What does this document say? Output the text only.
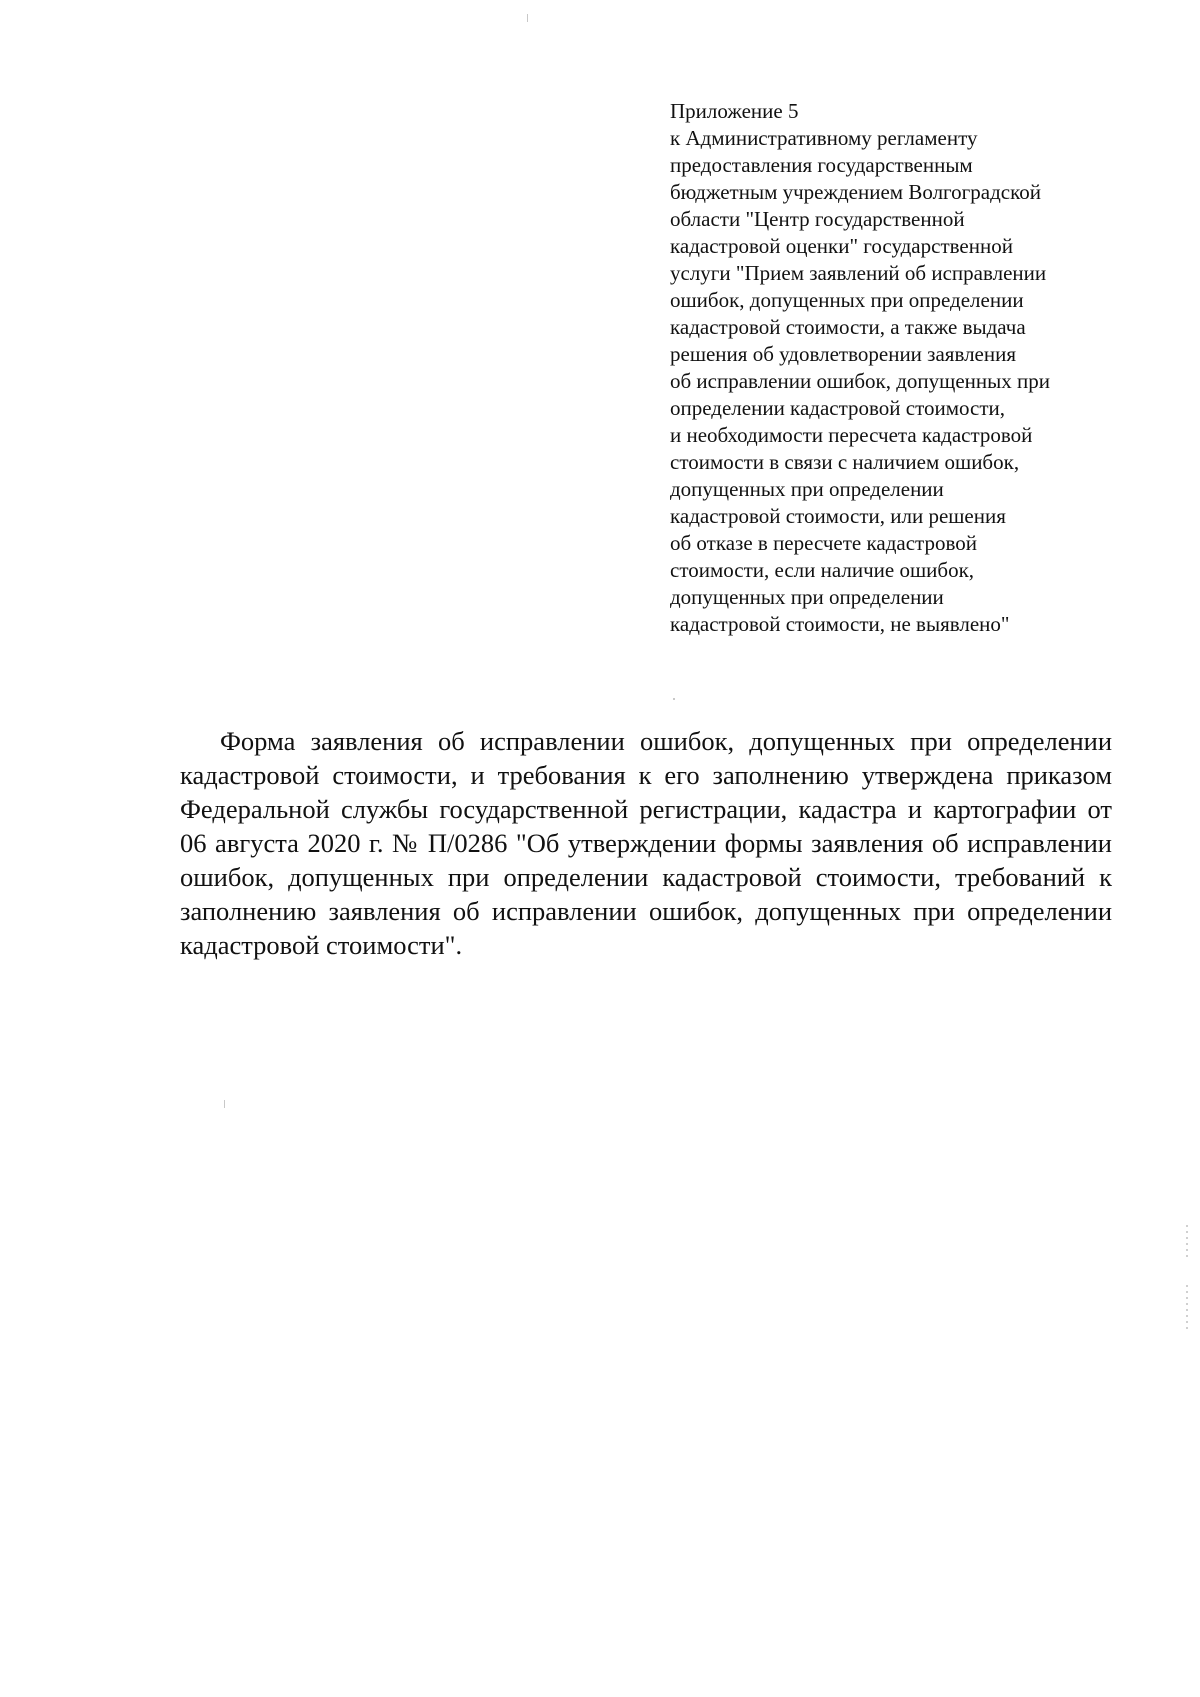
Приложение 5
к Административному регламенту
предоставления государственным
бюджетным учреждением Волгоградской
области "Центр государственной
кадастровой оценки" государственной
услуги "Прием заявлений об исправлении
ошибок, допущенных при определении
кадастровой стоимости, а также выдача
решения об удовлетворении заявления
об исправлении ошибок, допущенных при
определении кадастровой стоимости,
и необходимости пересчета кадастровой
стоимости в связи с наличием ошибок,
допущенных при определении
кадастровой стоимости, или решения
об отказе в пересчете кадастровой
стоимости, если наличие ошибок,
допущенных при определении
кадастровой стоимости, не выявлено"

Форма заявления об исправлении ошибок, допущенных при определении кадастровой стоимости, и требования к его заполнению утверждена приказом Федеральной службы государственной регистрации, кадастра и картографии от 06 августа 2020 г. № П/0286 "Об утверждении формы заявления об исправлении ошибок, допущенных при определении кадастровой стоимости, требований к заполнению заявления об исправлении ошибок, допущенных при определении кадастровой стоимости".
